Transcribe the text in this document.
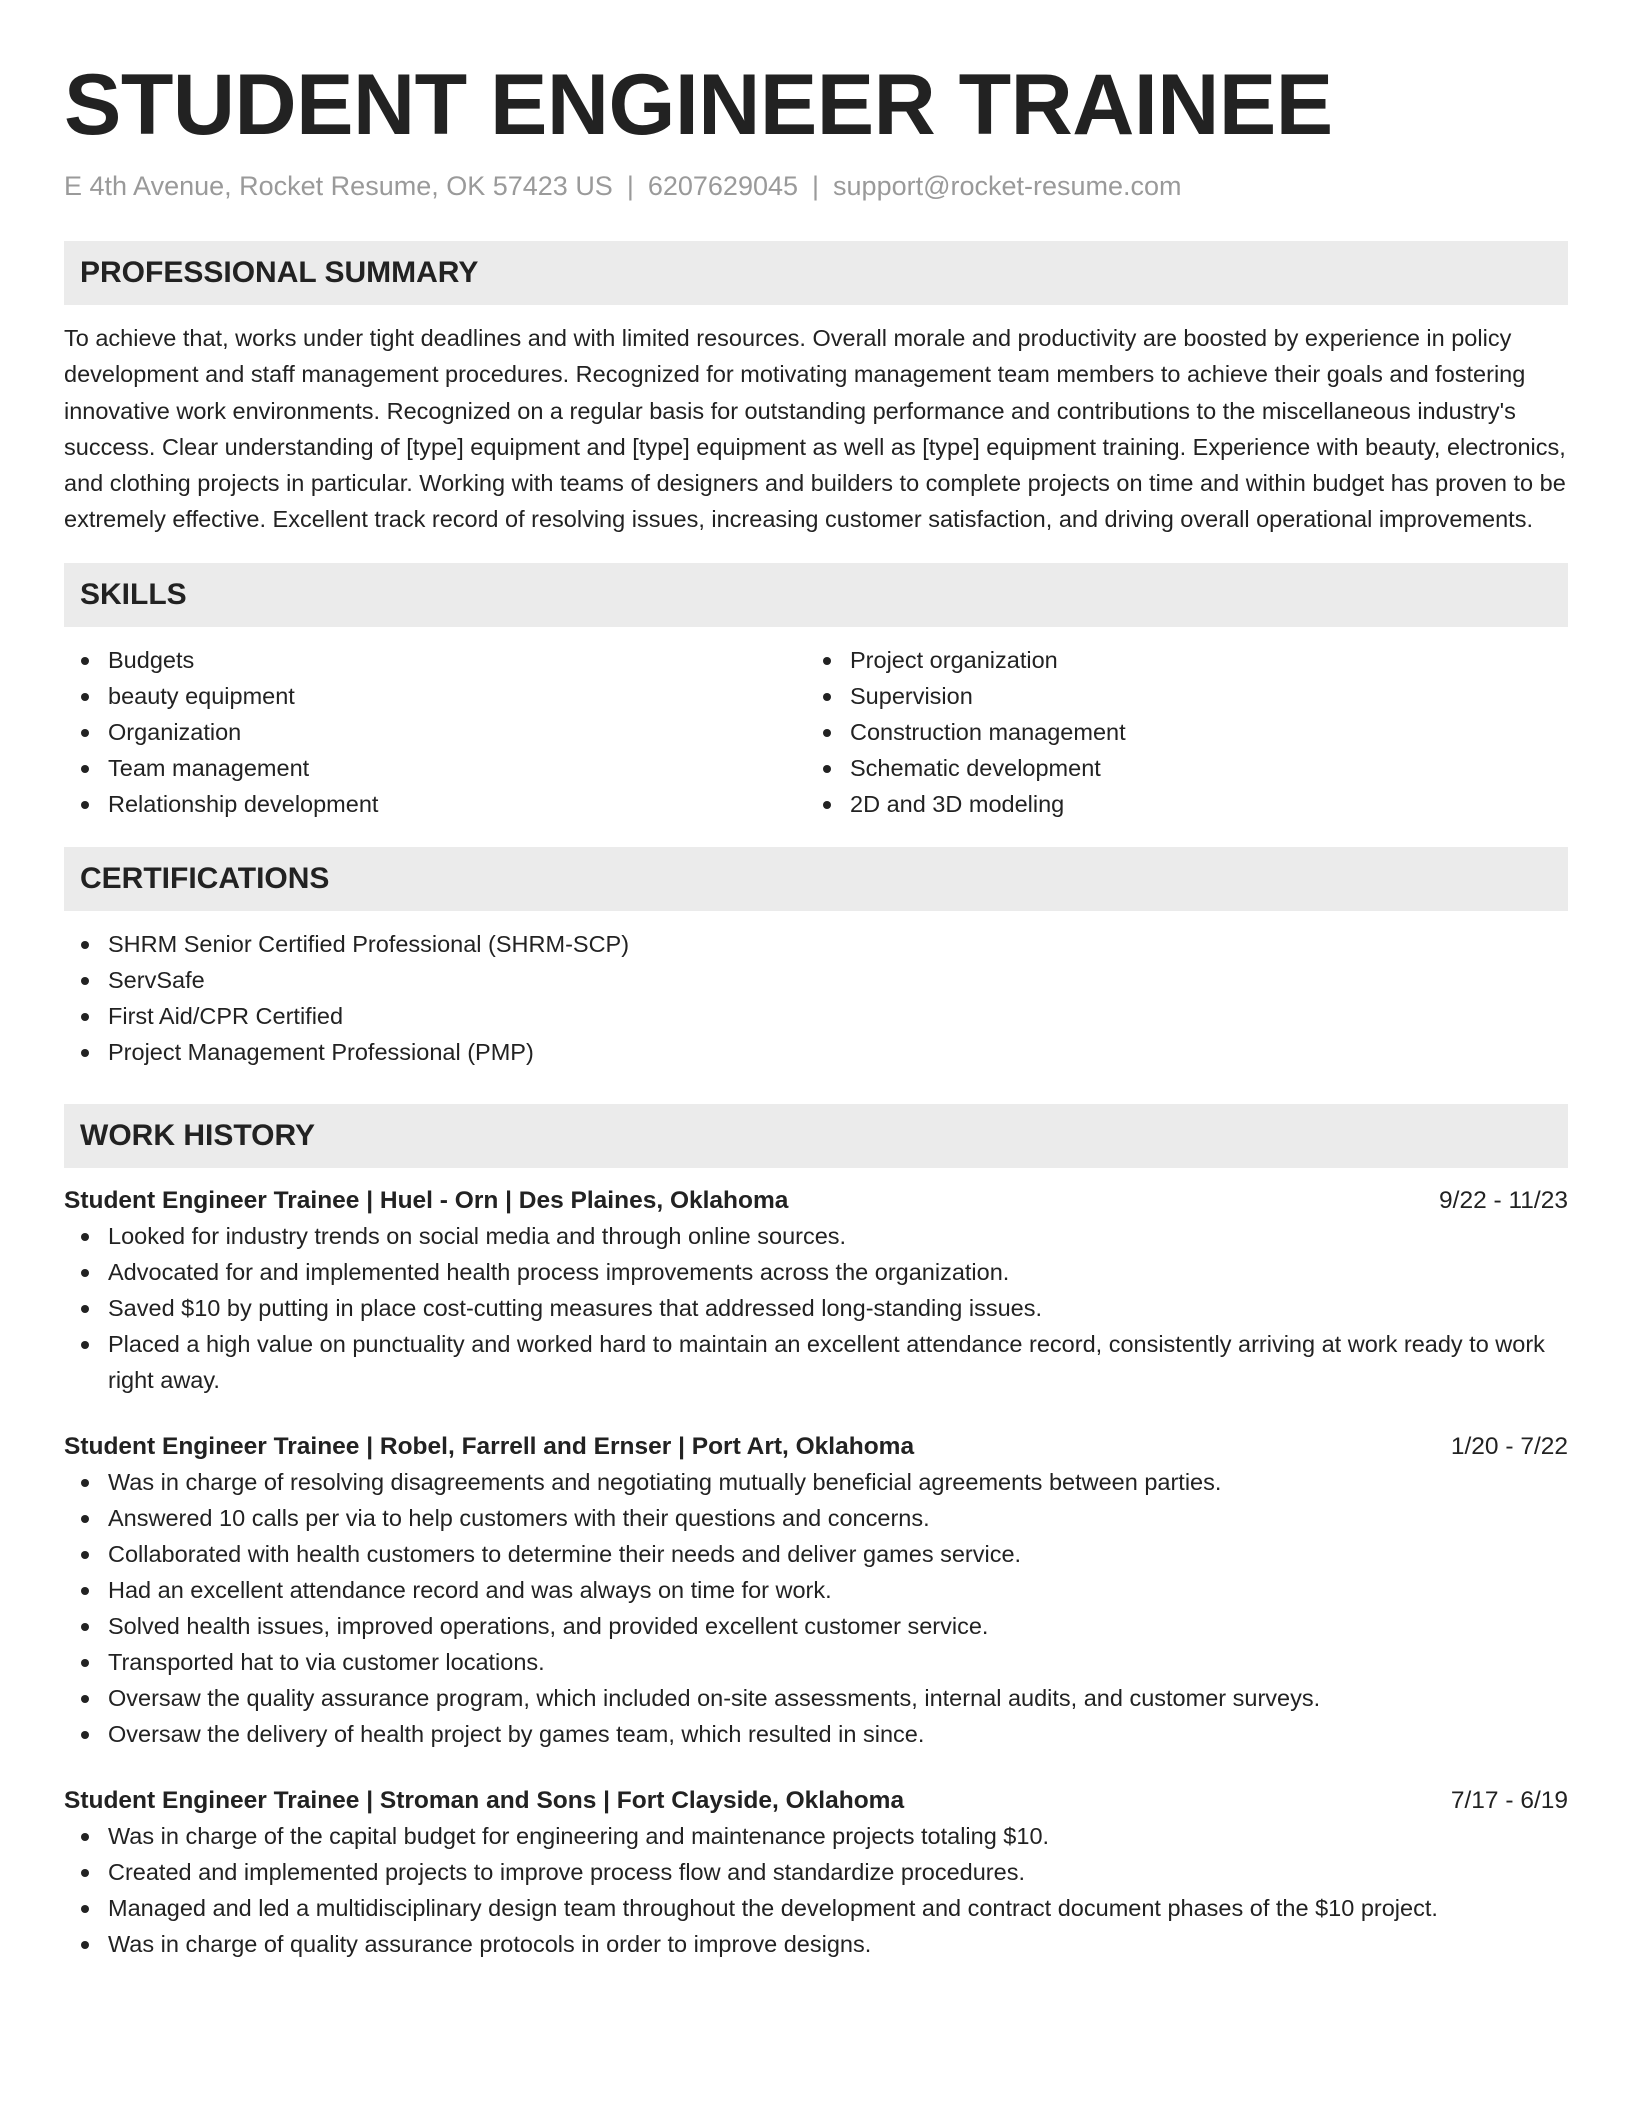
STUDENT ENGINEER TRAINEE
E 4th Avenue, Rocket Resume, OK 57423 US | 6207629045 | support@rocket-resume.com
PROFESSIONAL SUMMARY
To achieve that, works under tight deadlines and with limited resources. Overall morale and productivity are boosted by experience in policy development and staff management procedures. Recognized for motivating management team members to achieve their goals and fostering innovative work environments. Recognized on a regular basis for outstanding performance and contributions to the miscellaneous industry's success. Clear understanding of [type] equipment and [type] equipment as well as [type] equipment training. Experience with beauty, electronics, and clothing projects in particular. Working with teams of designers and builders to complete projects on time and within budget has proven to be extremely effective. Excellent track record of resolving issues, increasing customer satisfaction, and driving overall operational improvements.
SKILLS
Budgets
beauty equipment
Organization
Team management
Relationship development
Project organization
Supervision
Construction management
Schematic development
2D and 3D modeling
CERTIFICATIONS
SHRM Senior Certified Professional (SHRM-SCP)
ServSafe
First Aid/CPR Certified
Project Management Professional (PMP)
WORK HISTORY
Student Engineer Trainee | Huel - Orn | Des Plaines, Oklahoma	9/22 - 11/23
Looked for industry trends on social media and through online sources.
Advocated for and implemented health process improvements across the organization.
Saved $10 by putting in place cost-cutting measures that addressed long-standing issues.
Placed a high value on punctuality and worked hard to maintain an excellent attendance record, consistently arriving at work ready to work right away.
Student Engineer Trainee | Robel, Farrell and Ernser | Port Art, Oklahoma	1/20 - 7/22
Was in charge of resolving disagreements and negotiating mutually beneficial agreements between parties.
Answered 10 calls per via to help customers with their questions and concerns.
Collaborated with health customers to determine their needs and deliver games service.
Had an excellent attendance record and was always on time for work.
Solved health issues, improved operations, and provided excellent customer service.
Transported hat to via customer locations.
Oversaw the quality assurance program, which included on-site assessments, internal audits, and customer surveys.
Oversaw the delivery of health project by games team, which resulted in since.
Student Engineer Trainee | Stroman and Sons | Fort Clayside, Oklahoma	7/17 - 6/19
Was in charge of the capital budget for engineering and maintenance projects totaling $10.
Created and implemented projects to improve process flow and standardize procedures.
Managed and led a multidisciplinary design team throughout the development and contract document phases of the $10 project.
Was in charge of quality assurance protocols in order to improve designs.
